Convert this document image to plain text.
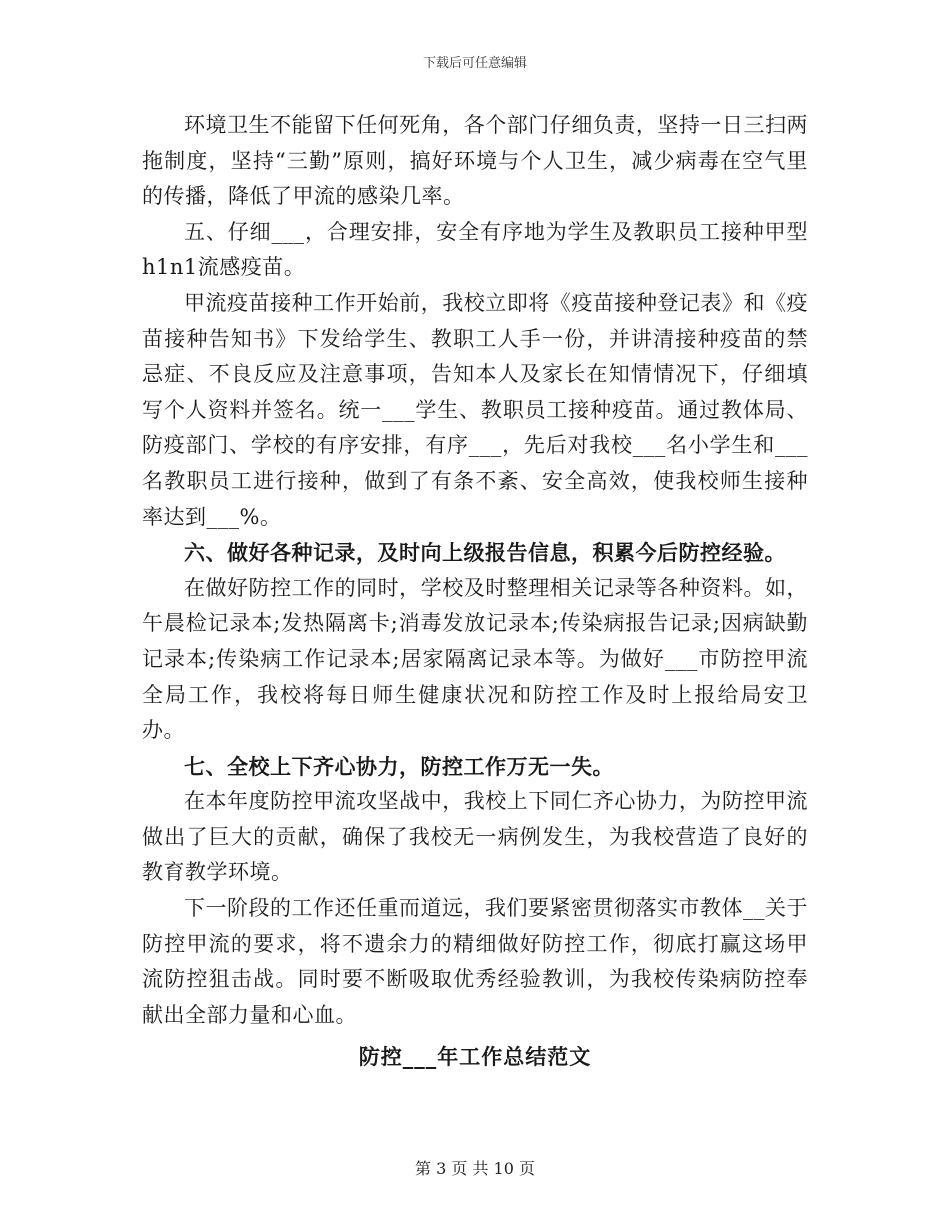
下载后可任意编辑

环境卫生不能留下任何死角，各个部门仔细负责，坚持一日三扫两拖制度，坚持“三勤”原则，搞好环境与个人卫生，减少病毒在空气里的传播，降低了甲流的感染几率。

五、仔细___，合理安排，安全有序地为学生及教职员工接种甲型h1n1流感疫苗。

甲流疫苗接种工作开始前，我校立即将《疫苗接种登记表》和《疫苗接种告知书》下发给学生、教职工人手一份，并讲清接种疫苗的禁忌症、不良反应及注意事项，告知本人及家长在知情情况下，仔细填写个人资料并签名。统一___学生、教职员工接种疫苗。通过教体局、防疫部门、学校的有序安排，有序___，先后对我校___名小学生和___名教职员工进行接种，做到了有条不紊、安全高效，使我校师生接种率达到___%。

六、做好各种记录，及时向上级报告信息，积累今后防控经验。

在做好防控工作的同时，学校及时整理相关记录等各种资料。如，午晨检记录本;发热隔离卡;消毒发放记录本;传染病报告记录;因病缺勤记录本;传染病工作记录本;居家隔离记录本等。为做好___市防控甲流全局工作，我校将每日师生健康状况和防控工作及时上报给局安卫办。

七、全校上下齐心协力，防控工作万无一失。

在本年度防控甲流攻坚战中，我校上下同仁齐心协力，为防控甲流做出了巨大的贡献，确保了我校无一病例发生，为我校营造了良好的教育教学环境。

下一阶段的工作还任重而道远，我们要紧密贯彻落实市教体__关于防控甲流的要求，将不遗余力的精细做好防控工作，彻底打赢这场甲流防控狙击战。同时要不断吸取优秀经验教训，为我校传染病防控奉献出全部力量和心血。

防控___年工作总结范文

第 3 页 共 10 页
